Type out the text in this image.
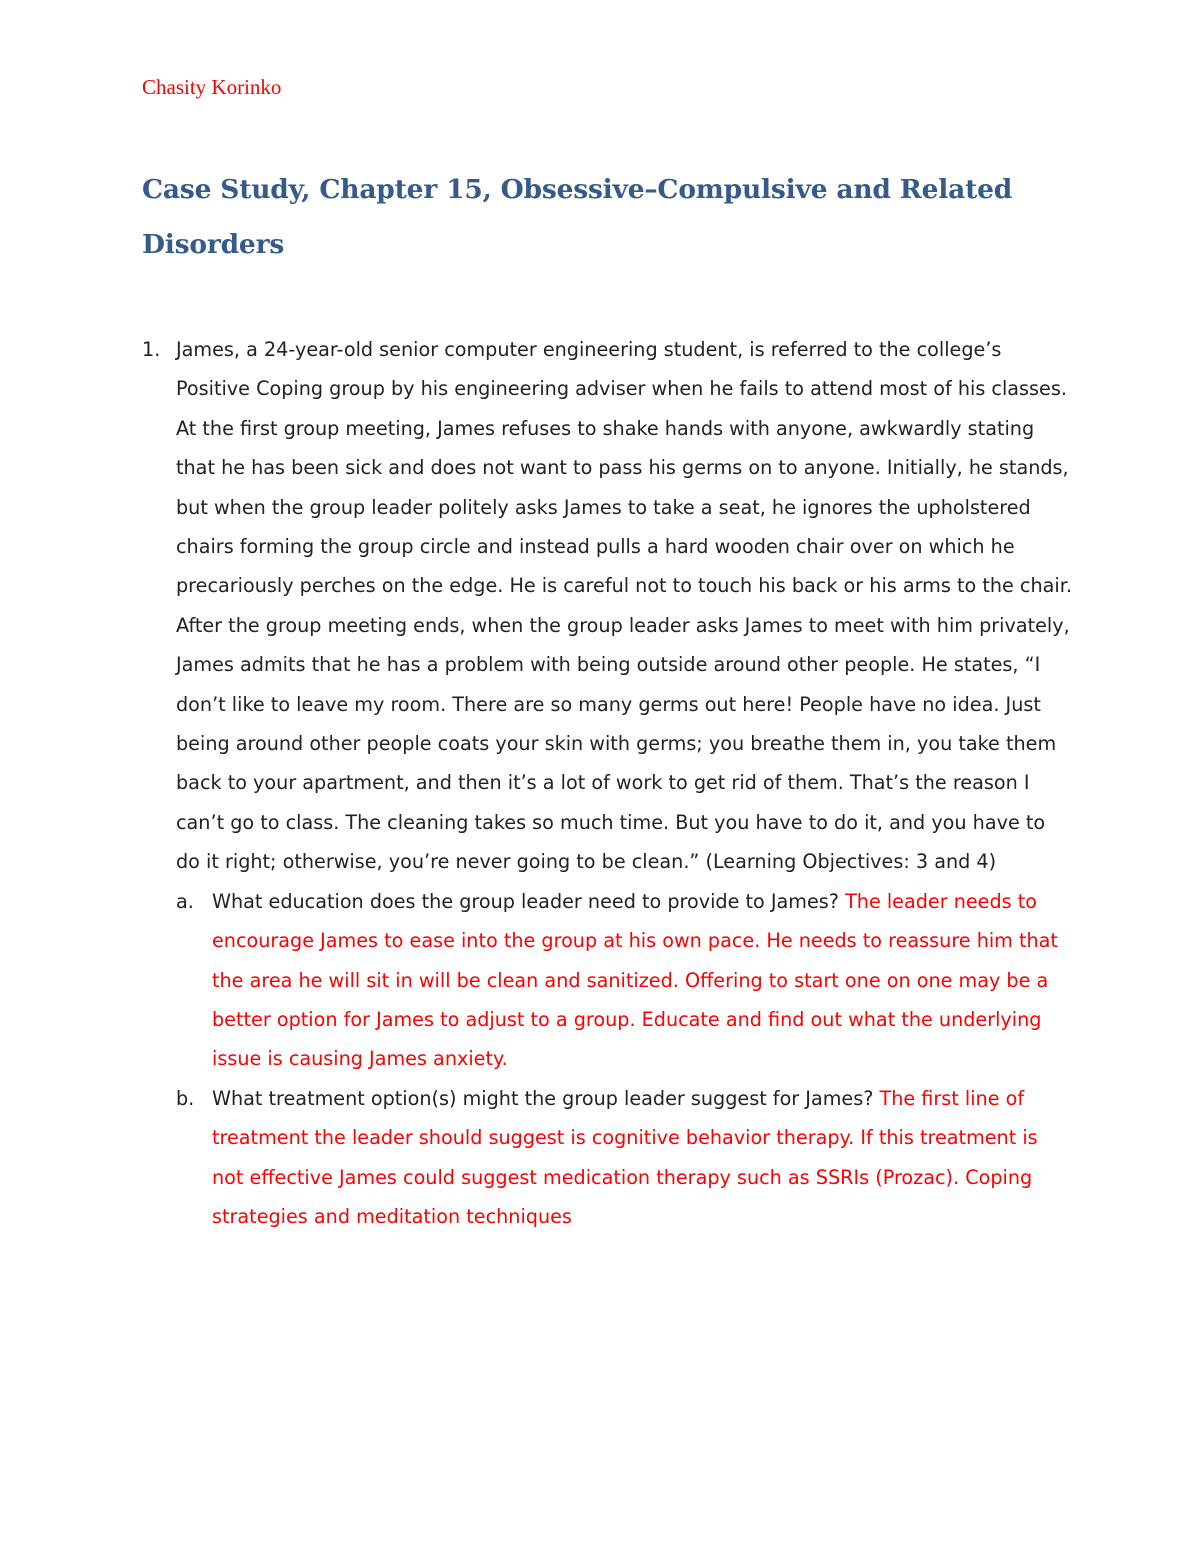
Chasity Korinko
Case Study, Chapter 15, Obsessive–Compulsive and Related Disorders
1. James, a 24-year-old senior computer engineering student, is referred to the college’s Positive Coping group by his engineering adviser when he fails to attend most of his classes. At the first group meeting, James refuses to shake hands with anyone, awkwardly stating that he has been sick and does not want to pass his germs on to anyone. Initially, he stands, but when the group leader politely asks James to take a seat, he ignores the upholstered chairs forming the group circle and instead pulls a hard wooden chair over on which he precariously perches on the edge. He is careful not to touch his back or his arms to the chair. After the group meeting ends, when the group leader asks James to meet with him privately, James admits that he has a problem with being outside around other people. He states, “I don’t like to leave my room. There are so many germs out here! People have no idea. Just being around other people coats your skin with germs; you breathe them in, you take them back to your apartment, and then it’s a lot of work to get rid of them. That’s the reason I can’t go to class. The cleaning takes so much time. But you have to do it, and you have to do it right; otherwise, you’re never going to be clean.” (Learning Objectives: 3 and 4)
a. What education does the group leader need to provide to James? The leader needs to encourage James to ease into the group at his own pace. He needs to reassure him that the area he will sit in will be clean and sanitized. Offering to start one on one may be a better option for James to adjust to a group. Educate and find out what the underlying issue is causing James anxiety.
b. What treatment option(s) might the group leader suggest for James? The first line of treatment the leader should suggest is cognitive behavior therapy. If this treatment is not effective James could suggest medication therapy such as SSRIs (Prozac). Coping strategies and meditation techniques
